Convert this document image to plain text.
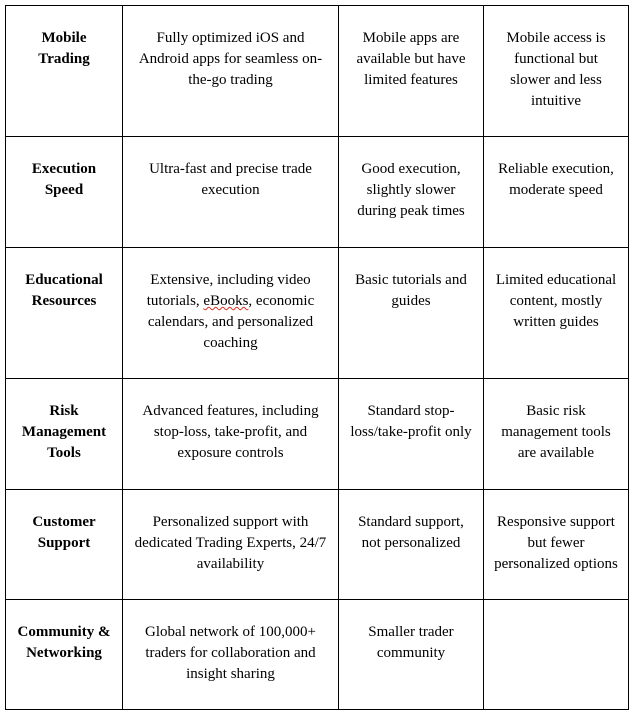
Mobile Trading	Fully optimized iOS and Android apps for seamless on-the-go trading	Mobile apps are available but have limited features	Mobile access is functional but slower and less intuitive
Execution Speed	Ultra-fast and precise trade execution	Good execution, slightly slower during peak times	Reliable execution, moderate speed
Educational Resources	Extensive, including video tutorials, eBooks, economic calendars, and personalized coaching	Basic tutorials and guides	Limited educational content, mostly written guides
Risk Management Tools	Advanced features, including stop-loss, take-profit, and exposure controls	Standard stop-loss/take-profit only	Basic risk management tools are available
Customer Support	Personalized support with dedicated Trading Experts, 24/7 availability	Standard support, not personalized	Responsive support but fewer personalized options
Community & Networking	Global network of 100,000+ traders for collaboration and insight sharing	Smaller trader community	
